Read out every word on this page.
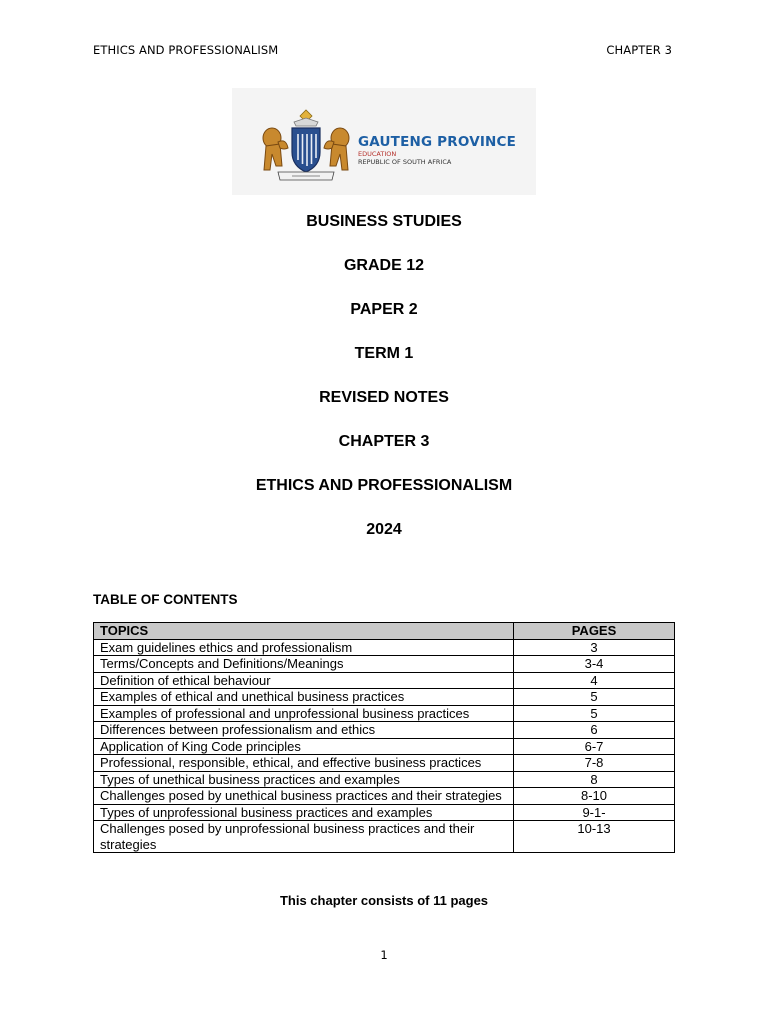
ETHICS AND PROFESSIONALISM	CHAPTER 3
GAUTENG PROVINCE
EDUCATION
REPUBLIC OF SOUTH AFRICA
BUSINESS STUDIES
GRADE 12
PAPER 2
TERM 1
REVISED NOTES
CHAPTER 3
ETHICS AND PROFESSIONALISM
2024
TABLE OF CONTENTS
TOPICS	PAGES
Exam guidelines ethics and professionalism	3
Terms/Concepts and Definitions/Meanings	3-4
Definition of ethical behaviour	4
Examples of ethical and unethical business practices	5
Examples of professional and unprofessional business practices	5
Differences between professionalism and ethics	6
Application of King Code principles	6-7
Professional, responsible, ethical, and effective business practices	7-8
Types of unethical business practices and examples	8
Challenges posed by unethical business practices and their strategies	8-10
Types of unprofessional business practices and examples	9-1-
Challenges posed by unprofessional business practices and their strategies	10-13
This chapter consists of 11 pages
1
